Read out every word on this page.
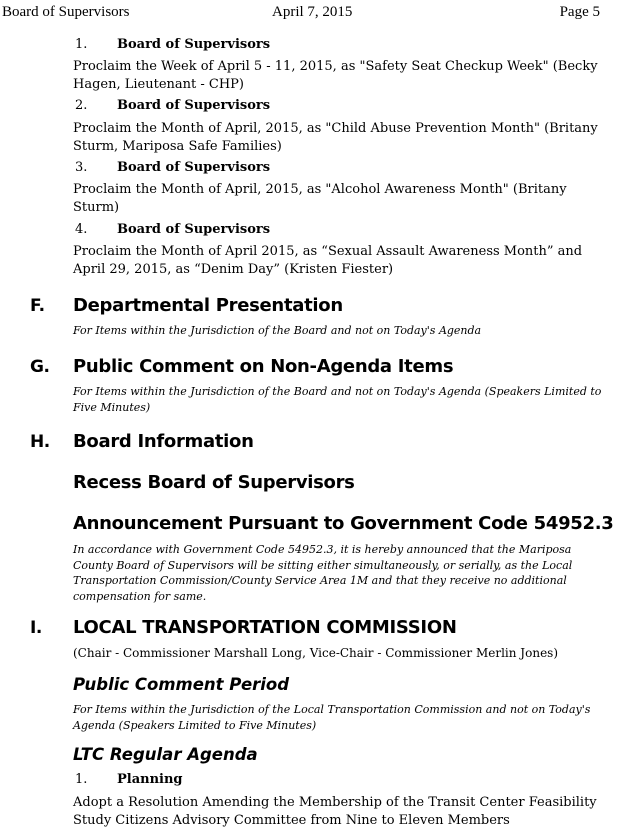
Board of Supervisors	April 7, 2015	Page 5
1. Board of Supervisors
Proclaim the Week of April 5 - 11, 2015, as "Safety Seat Checkup Week" (Becky Hagen, Lieutenant - CHP)
2. Board of Supervisors
Proclaim the Month of April, 2015, as "Child Abuse Prevention Month" (Britany Sturm, Mariposa Safe Families)
3. Board of Supervisors
Proclaim the Month of April, 2015, as "Alcohol Awareness Month" (Britany Sturm)
4. Board of Supervisors
Proclaim the Month of April 2015, as “Sexual Assault Awareness Month” and April 29, 2015, as “Denim Day” (Kristen Fiester)
F. Departmental Presentation
For Items within the Jurisdiction of the Board and not on Today's Agenda
G. Public Comment on Non-Agenda Items
For Items within the Jurisdiction of the Board and not on Today's Agenda (Speakers Limited to Five Minutes)
H. Board Information
Recess Board of Supervisors
Announcement Pursuant to Government Code 54952.3
In accordance with Government Code 54952.3, it is hereby announced that the Mariposa County Board of Supervisors will be sitting either simultaneously, or serially, as the Local Transportation Commission/County Service Area 1M and that they receive no additional compensation for same.
I. LOCAL TRANSPORTATION COMMISSION
(Chair - Commissioner Marshall Long, Vice-Chair - Commissioner Merlin Jones)
Public Comment Period
For Items within the Jurisdiction of the Local Transportation Commission and not on Today's Agenda (Speakers Limited to Five Minutes)
LTC Regular Agenda
1. Planning
Adopt a Resolution Amending the Membership of the Transit Center Feasibility Study Citizens Advisory Committee from Nine to Eleven Members
